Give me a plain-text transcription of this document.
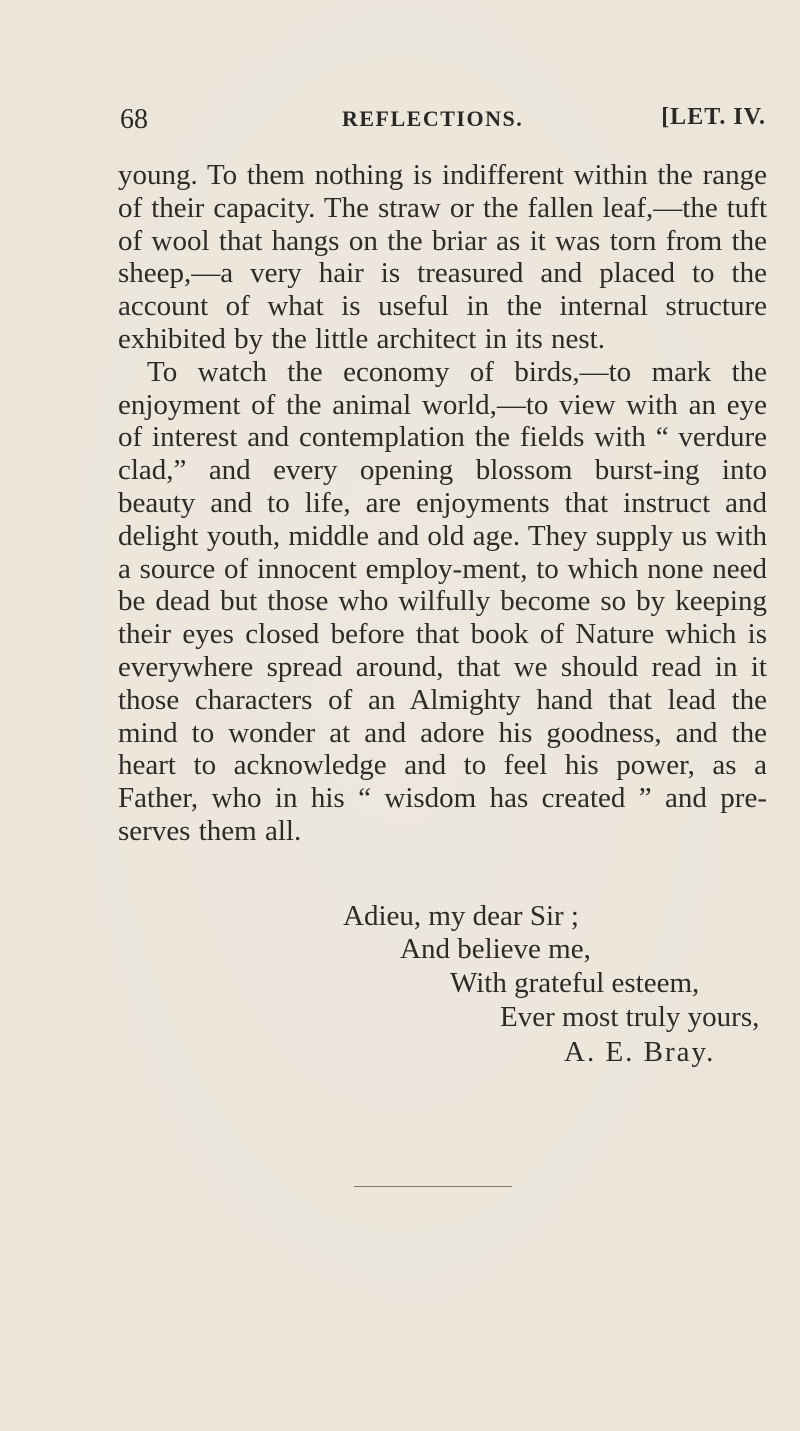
68	REFLECTIONS.	[LET. IV.

young. To them nothing is indifferent within the range of their capacity. The straw or the fallen leaf,—the tuft of wool that hangs on the briar as it was torn from the sheep,—a very hair is treasured and placed to the account of what is useful in the internal structure exhibited by the little architect in its nest.

To watch the economy of birds,—to mark the enjoyment of the animal world,—to view with an eye of interest and contemplation the fields with “ verdure clad,” and every opening blossom burst-ing into beauty and to life, are enjoyments that instruct and delight youth, middle and old age. They supply us with a source of innocent employ-ment, to which none need be dead but those who wilfully become so by keeping their eyes closed before that book of Nature which is everywhere spread around, that we should read in it those characters of an Almighty hand that lead the mind to wonder at and adore his goodness, and the heart to acknowledge and to feel his power, as a Father, who in his “ wisdom has created ” and pre-serves them all.

Adieu, my dear Sir ;
And believe me,
With grateful esteem,
Ever most truly yours,
A. E. Bray.
